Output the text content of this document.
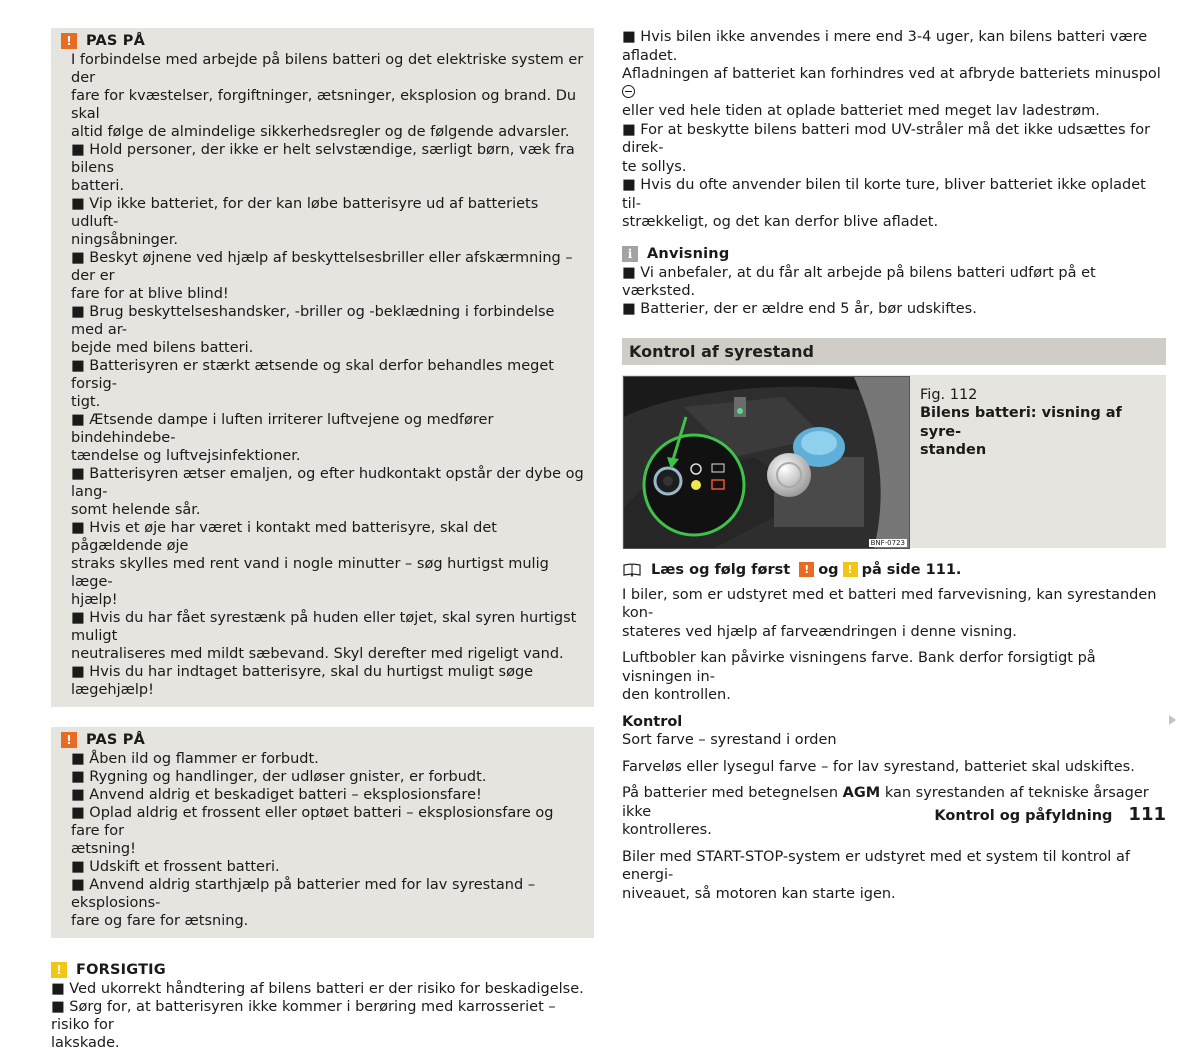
! PAS PÅ

I forbindelse med arbejde på bilens batteri og det elektriske system er der
fare for kvæstelser, forgiftninger, ætsninger, eksplosion og brand. Du skal
altid følge de almindelige sikkerhedsregler og de følgende advarsler.

■ Hold personer, der ikke er helt selvstændige, særligt børn, væk fra bilens
batteri.

■ Vip ikke batteriet, for der kan løbe batterisyre ud af batteriets udluft-
ningsåbninger.

■ Beskyt øjnene ved hjælp af beskyttelsesbriller eller afskærmning – der er
fare for at blive blind!

■ Brug beskyttelseshandsker, -briller og -beklædning i forbindelse med ar-
bejde med bilens batteri.

■ Batterisyren er stærkt ætsende og skal derfor behandles meget forsig-
tigt.

■ Ætsende dampe i luften irriterer luftvejene og medfører bindehindebe-
tændelse og luftvejsinfektioner.

■ Batterisyren ætser emaljen, og efter hudkontakt opstår der dybe og lang-
somt helende sår.

■ Hvis et øje har været i kontakt med batterisyre, skal det pågældende øje
straks skylles med rent vand i nogle minutter – søg hurtigst mulig læge-
hjælp!

■ Hvis du har fået syrestænk på huden eller tøjet, skal syren hurtigst muligt
neutraliseres med mildt sæbevand. Skyl derefter med rigeligt vand.

■ Hvis du har indtaget batterisyre, skal du hurtigst muligt søge lægehjælp!

! PAS PÅ

■ Åben ild og flammer er forbudt.

■ Rygning og handlinger, der udløser gnister, er forbudt.

■ Anvend aldrig et beskadiget batteri – eksplosionsfare!

■ Oplad aldrig et frossent eller optøet batteri – eksplosionsfare og fare for
ætsning!

■ Udskift et frossent batteri.

■ Anvend aldrig starthjælp på batterier med for lav syrestand – eksplosions-
fare og fare for ætsning.

! FORSIGTIG

■ Ved ukorrekt håndtering af bilens batteri er der risiko for beskadigelse.

■ Sørg for, at batterisyren ikke kommer i berøring med karrosseriet – risiko for
lakskade.

■ Hvis bilen ikke anvendes i mere end 3-4 uger, kan bilens batteri være afladet.
Afladningen af batteriet kan forhindres ved at afbryde batteriets minuspol
eller ved hele tiden at oplade batteriet med meget lav ladestrøm.

■ For at beskytte bilens batteri mod UV-stråler må det ikke udsættes for direk-
te sollys.

■ Hvis du ofte anvender bilen til korte ture, bliver batteriet ikke opladet til-
strækkeligt, og det kan derfor blive afladet.

i	Anvisning

■ Vi anbefaler, at du får alt arbejde på bilens batteri udført på et værksted.

■ Batterier, der er ældre end 5 år, bør udskiftes.

Kontrol af syrestand
BNF-0723
Fig. 112
Bilens batteri: visning af syre-
standen
Læs og følg først
	! og ! på side 111.
I biler, som er udstyret med et batteri med farvevisning, kan syrestanden kon-
stateres ved hjælp af farveændringen i denne visning.
Luftbobler kan påvirke visningens farve. Bank derfor forsigtigt på visningen in-
den kontrollen.
Kontrol
Sort farve – syrestand i orden
Farveløs eller lysegul farve – for lav syrestand, batteriet skal udskiftes.
På batterier med betegnelsen AGM kan syrestanden af tekniske årsager ikke
kontrolleres.
Biler med START-STOP-system er udstyret med et system til kontrol af energi-
niveauet, så motoren kan starte igen.
Kontrol og påfyldning 111
